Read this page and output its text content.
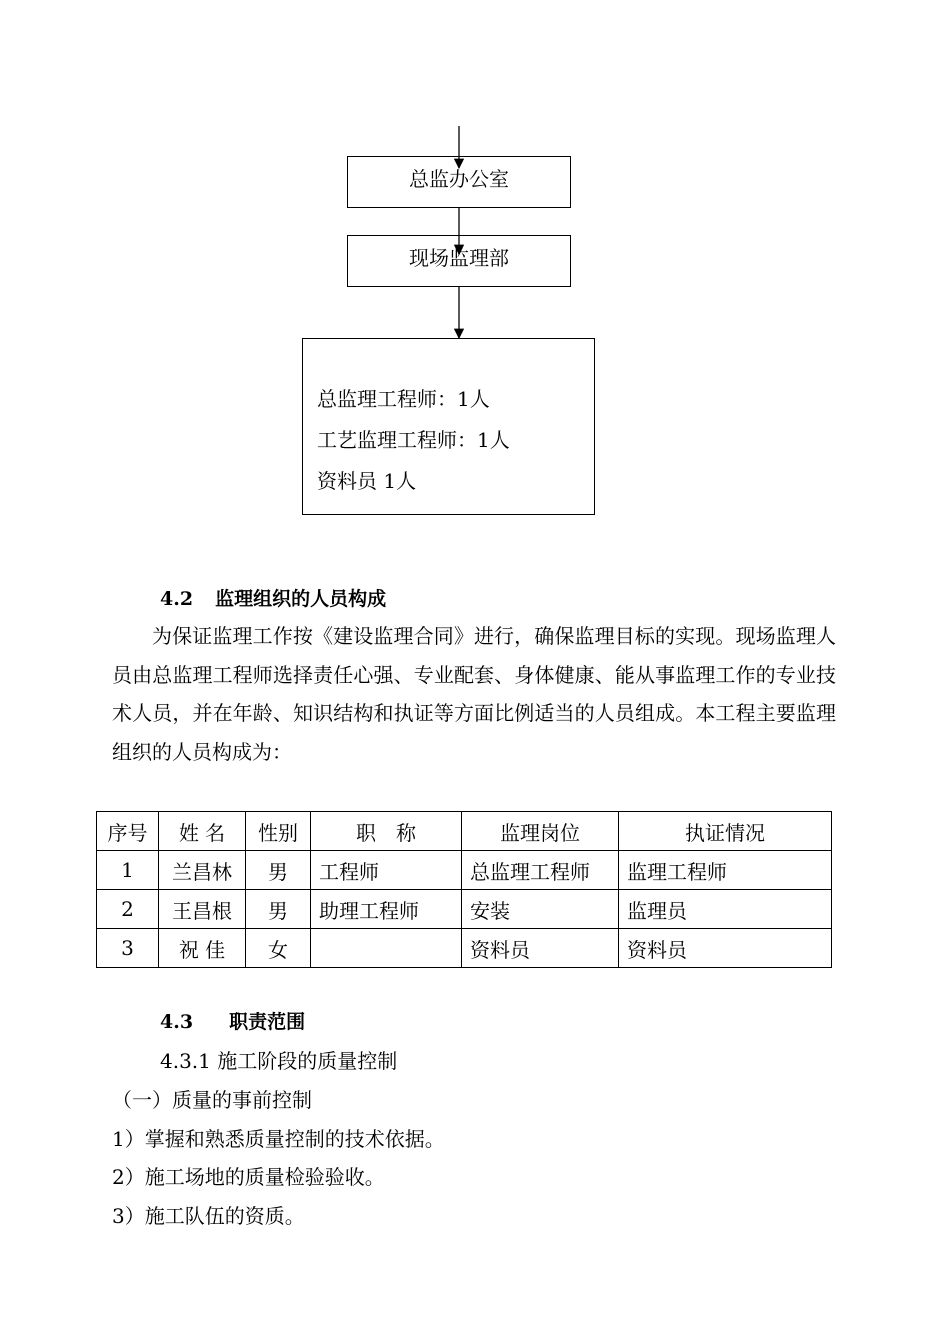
总监办公室
现场监理部
总监理工程师：1人
工艺监理工程师：1人
资料员 1人
4.2 监理组织的人员构成
为保证监理工作按《建设监理合同》进行，确保监理目标的实现。现场监理人员由总监理工程师选择责任心强、专业配套、身体健康、能从事监理工作的专业技术人员，并在年龄、知识结构和执证等方面比例适当的人员组成。本工程主要监理组织的人员构成为：
序号	姓 名	性别	职　称	监理岗位	执证情况
1	兰昌林	男	工程师	总监理工程师	监理工程师
2	王昌根	男	助理工程师	安装	监理员
3	祝 佳	女		资料员	资料员
4.3 职责范围
4.3.1 施工阶段的质量控制
（一）质量的事前控制
1）掌握和熟悉质量控制的技术依据。
2）施工场地的质量检验验收。
3）施工队伍的资质。
